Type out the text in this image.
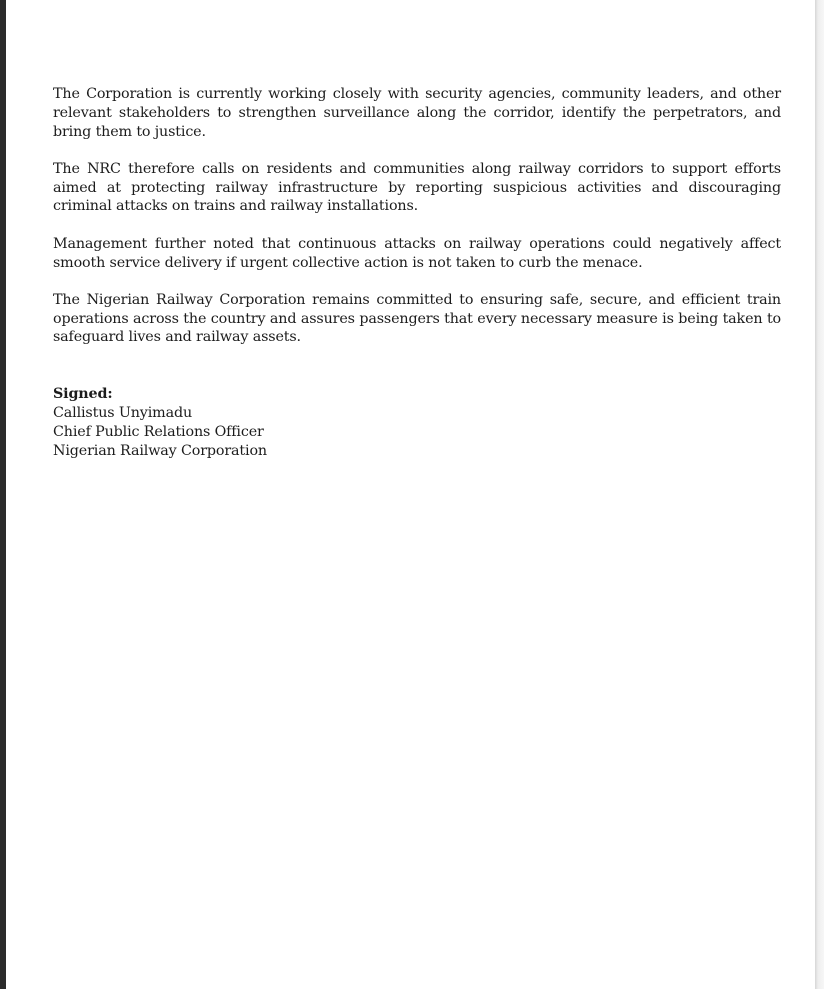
The Corporation is currently working closely with security agencies, community leaders, and other relevant stakeholders to strengthen surveillance along the corridor, identify the perpetrators, and bring them to justice.

The NRC therefore calls on residents and communities along railway corridors to support efforts aimed at protecting railway infrastructure by reporting suspicious activities and discouraging criminal attacks on trains and railway installations.

Management further noted that continuous attacks on railway operations could negatively affect smooth service delivery if urgent collective action is not taken to curb the menace.

The Nigerian Railway Corporation remains committed to ensuring safe, secure, and efficient train operations across the country and assures passengers that every necessary measure is being taken to safeguard lives and railway assets.

Signed:
Callistus Unyimadu
Chief Public Relations Officer
Nigerian Railway Corporation
